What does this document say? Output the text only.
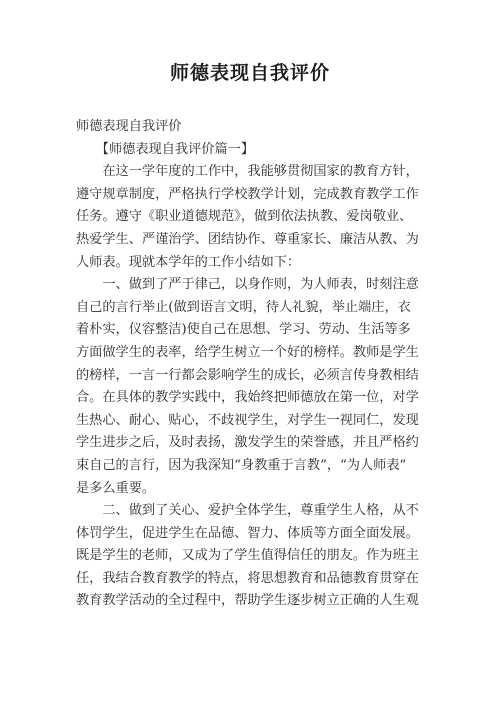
师德表现自我评价
师德表现自我评价
　　【师德表现自我评价篇一】
　　在这一学年度的工作中，我能够贯彻国家的教育方针，
遵守规章制度，严格执行学校教学计划，完成教育教学工作
任务。遵守《职业道德规范》，做到依法执教、爱岗敬业、
热爱学生、严谨治学、团结协作、尊重家长、廉洁从教、为
人师表。现就本学年的工作小结如下：
　　一、做到了严于律己，以身作则，为人师表，时刻注意
自己的言行举止(做到语言文明，待人礼貌，举止端庄，衣
着朴实，仪容整洁)使自己在思想、学习、劳动、生活等多
方面做学生的表率，给学生树立一个好的榜样。教师是学生
的榜样，一言一行都会影响学生的成长，必须言传身教相结
合。在具体的教学实践中，我始终把师德放在第一位，对学
生热心、耐心、贴心，不歧视学生，对学生一视同仁，发现
学生进步之后，及时表扬，激发学生的荣誉感，并且严格约
束自己的言行，因为我深知“身教重于言教”，“为人师表”
是多么重要。
　　二、做到了关心、爱护全体学生，尊重学生人格，从不
体罚学生，促进学生在品德、智力、体质等方面全面发展。
既是学生的老师，又成为了学生值得信任的朋友。作为班主
任，我结合教育教学的特点，将思想教育和品德教育贯穿在
教育教学活动的全过程中，帮助学生逐步树立正确的人生观
